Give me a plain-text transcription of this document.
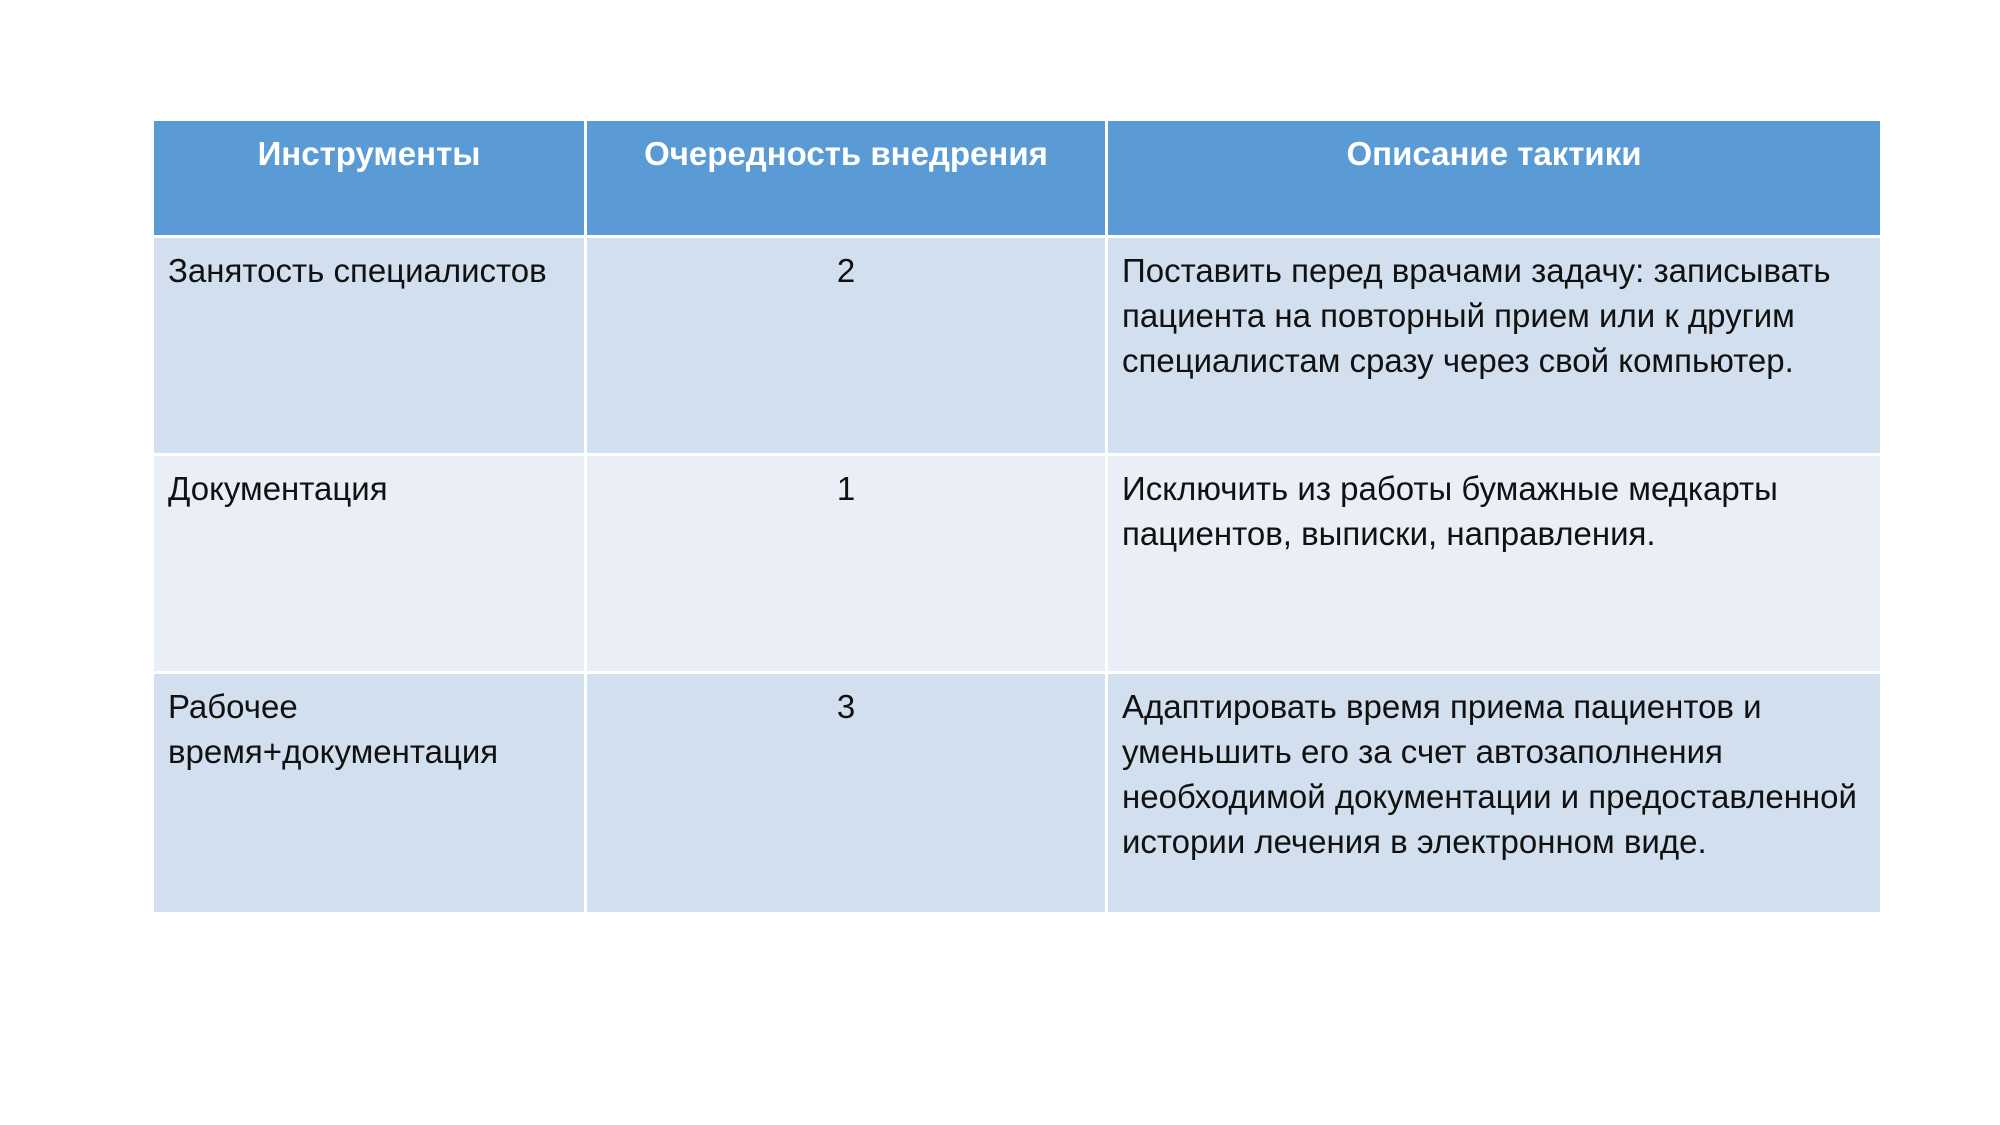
Инструменты	Очередность внедрения	Описание тактики
Занятость специалистов	2	Поставить перед врачами задачу: записывать пациента на повторный прием или к другим специалистам сразу через свой компьютер.
Документация	1	Исключить из работы бумажные медкарты пациентов, выписки, направления.
Рабочее время+документация	3	Адаптировать время приема пациентов и уменьшить его за счет автозаполнения необходимой документации и предоставленной истории лечения в электронном виде.
